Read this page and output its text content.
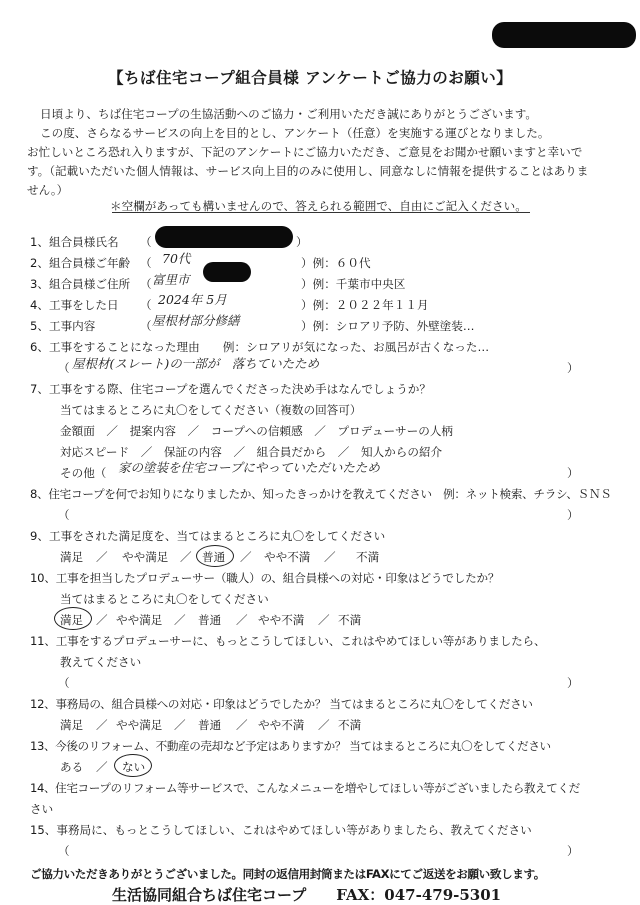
【ちば住宅コープ組合員様 アンケートご協力のお願い】
日頃より、ちば住宅コープの生協活動へのご協力・ご利用いただき誠にありがとうございます。
この度、さらなるサービスの向上を目的とし、アンケート（任意）を実施する運びとなりました。
お忙しいところ恐れ入りますが、下記のアンケートにご協力いただき、ご意見をお聞かせ願いますと幸いで
す。（記載いただいた個人情報は、サービス向上目的のみに使用し、同意なしに情報を提供することはありま
せん。）
＊空欄があっても構いませんので、答えられる範囲で、自由にご記入ください。
1、組合員様氏名 （	）
2、組合員様ご年齢 （ 70代	）例：６０代
3、組合員様ご住所 （ 富里市	）例：千葉市中央区
4、工事をした日 （ 2024年 5月	）例：２０２２年１１月
5、工事内容	（ 屋根材部分修繕	）例：シロアリ予防、外壁塗装…
6、工事をすることになった理由　　例：シロアリが気になった、お風呂が古くなった…
（ 屋根材(スレート)の一部が　落ちていたため	）
7、工事をする際、住宅コープを選んでくださった決め手はなんでしょうか？
当てはまるところに丸〇をしてください（複数の回答可）
金額面　／　提案内容　／　コープへの信頼感　／　プロデューサーの人柄
対応スピード　／　保証の内容　／　組合員だから　／　知人からの紹介
その他（ 家の塗装を住宅コープにやっていただいたため	）
8、住宅コープを何でお知りになりましたか、知ったきっかけを教えてください　例：ネット検索、チラシ、ＳＮＳ
（	）
9、工事をされた満足度を、当てはまるところに丸〇をしてください
満足 ／ やや満足 ／ 普通 ／ やや不満 ／ 不満
10、工事を担当したプロデューサー（職人）の、組合員様への対応・印象はどうでしたか？
当てはまるところに丸〇をしてください
満足 ／ やや満足 ／ 普通 ／ やや不満 ／ 不満
11、工事をするプロデューサーに、もっとこうしてほしい、これはやめてほしい等がありましたら、
教えてください
（	）
12、事務局の、組合員様への対応・印象はどうでしたか？ 当てはまるところに丸〇をしてください
満足 ／ やや満足 ／ 普通 ／ やや不満 ／ 不満
13、今後のリフォーム、不動産の売却など予定はありますか？ 当てはまるところに丸〇をしてください
ある ／ ない
14、住宅コープのリフォーム等サービスで、こんなメニューを増やしてほしい等がございましたら教えてくだ
さい
15、事務局に、もっとこうしてほしい、これはやめてほしい等がありましたら、教えてください
（	）
ご協力いただきありがとうございました。同封の返信用封筒またはFAXにてご返送をお願い致します。
生活協同組合ちば住宅コープ　　FAX：047-479-5301
